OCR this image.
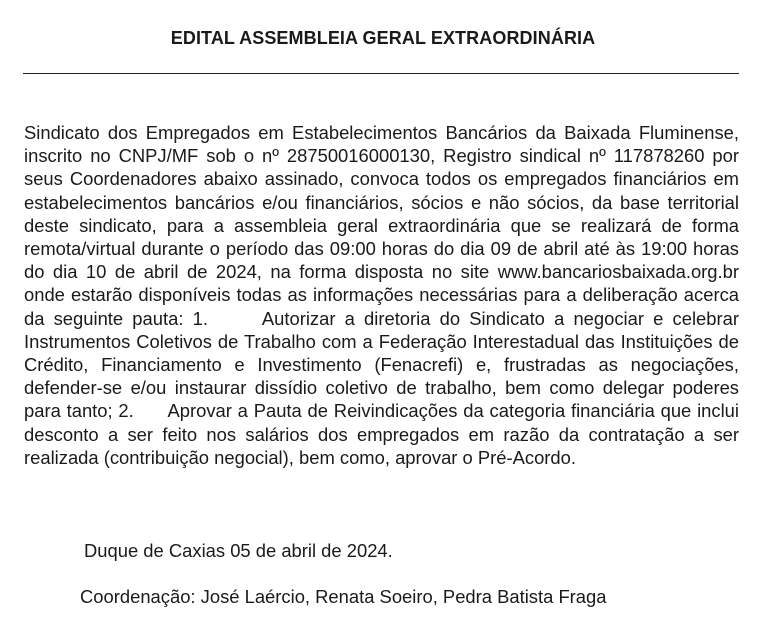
EDITAL ASSEMBLEIA GERAL EXTRAORDINÁRIA
Sindicato dos Empregados em Estabelecimentos Bancários da Baixada Fluminense, inscrito no CNPJ/MF sob o nº 28750016000130, Registro sindical nº 117878260 por seus Coordenadores abaixo assinado, convoca todos os empregados financiários em estabelecimentos bancários e/ou financiários, sócios e não sócios, da base territorial deste sindicato, para a assembleia geral extraordinária que se realizará de forma remota/virtual durante o período das 09:00 horas do dia 09 de abril até às 19:00 horas do dia 10 de abril de 2024, na forma disposta no site www.bancariosbaixada.org.br onde estarão disponíveis todas as informações necessárias para a deliberação acerca da seguinte pauta: 1.      Autorizar a diretoria do Sindicato a negociar e celebrar Instrumentos Coletivos de Trabalho com a Federação Interestadual das Instituições de Crédito, Financiamento e Investimento (Fenacrefi) e, frustradas as negociações, defender-se e/ou instaurar dissídio coletivo de trabalho, bem como delegar poderes para tanto; 2.      Aprovar a Pauta de Reivindicações da categoria financiária que inclui desconto a ser feito nos salários dos empregados em razão da contratação a ser realizada (contribuição negocial), bem como, aprovar o Pré-Acordo.
Duque de Caxias 05 de abril de 2024.
Coordenação: José Laércio, Renata Soeiro, Pedra Batista Fraga
